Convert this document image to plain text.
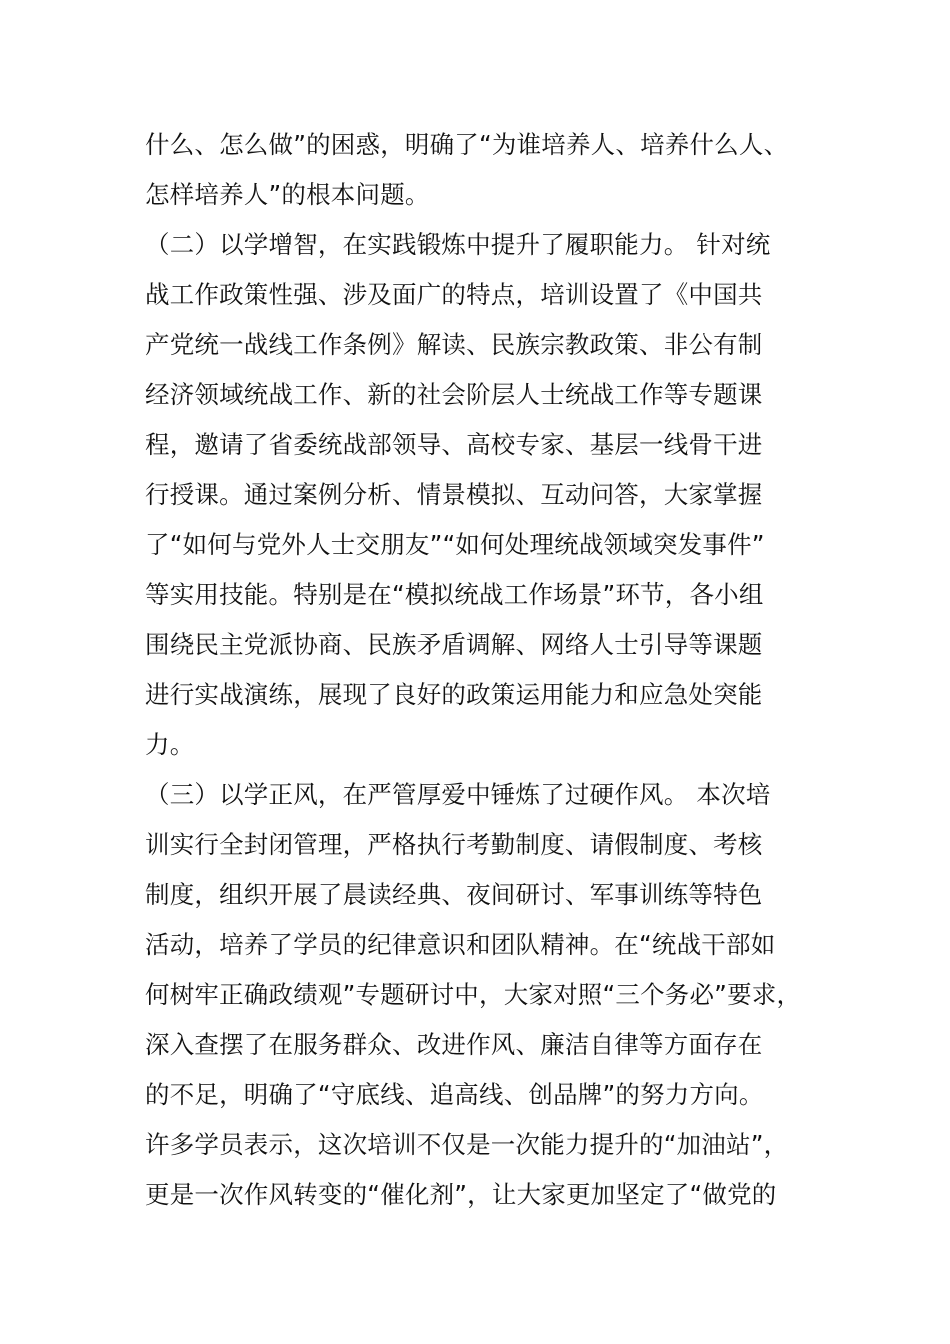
什么、怎么做”的困惑，明确了“为谁培养人、培养什么人、

怎样培养人”的根本问题。

（二）以学增智，在实践锻炼中提升了履职能力。 针对统

战工作政策性强、涉及面广的特点，培训设置了《中国共

产党统一战线工作条例》解读、民族宗教政策、非公有制

经济领域统战工作、新的社会阶层人士统战工作等专题课

程，邀请了省委统战部领导、高校专家、基层一线骨干进

行授课。通过案例分析、情景模拟、互动问答，大家掌握

了“如何与党外人士交朋友”“如何处理统战领域突发事件”

等实用技能。特别是在“模拟统战工作场景”环节，各小组

围绕民主党派协商、民族矛盾调解、网络人士引导等课题

进行实战演练，展现了良好的政策运用能力和应急处突能

力。

（三）以学正风，在严管厚爱中锤炼了过硬作风。 本次培

训实行全封闭管理，严格执行考勤制度、请假制度、考核

制度，组织开展了晨读经典、夜间研讨、军事训练等特色

活动，培养了学员的纪律意识和团队精神。在“统战干部如

何树牢正确政绩观”专题研讨中，大家对照“三个务必”要求，

深入查摆了在服务群众、改进作风、廉洁自律等方面存在

的不足，明确了“守底线、追高线、创品牌”的努力方向。

许多学员表示，这次培训不仅是一次能力提升的“加油站”，

更是一次作风转变的“催化剂”，让大家更加坚定了“做党的
